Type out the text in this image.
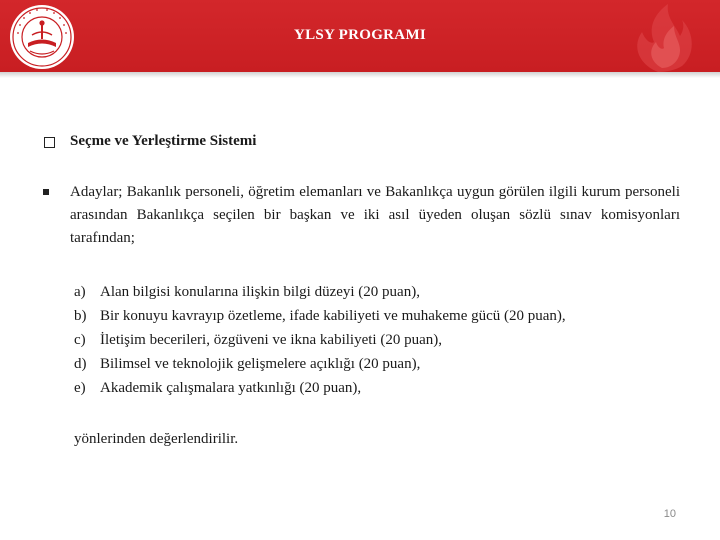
YLSY PROGRAMI
Seçme ve Yerleştirme Sistemi

Adaylar; Bakanlık personeli, öğretim elemanları ve Bakanlıkça uygun görülen ilgili kurum personeli arasından Bakanlıkça seçilen bir başkan ve iki asıl üyeden oluşan sözlü sınav komisyonları tarafından;

a) Alan bilgisi konularına ilişkin bilgi düzeyi (20 puan),
b) Bir konuyu kavrayıp özetleme, ifade kabiliyeti ve muhakeme gücü (20 puan),
c) İletişim becerileri, özgüveni ve ikna kabiliyeti (20 puan),
d) Bilimsel ve teknolojik gelişmelere açıklığı (20 puan),
e) Akademik çalışmalara yatkınlığı (20 puan),
yönlerinden değerlendirilir.
10
